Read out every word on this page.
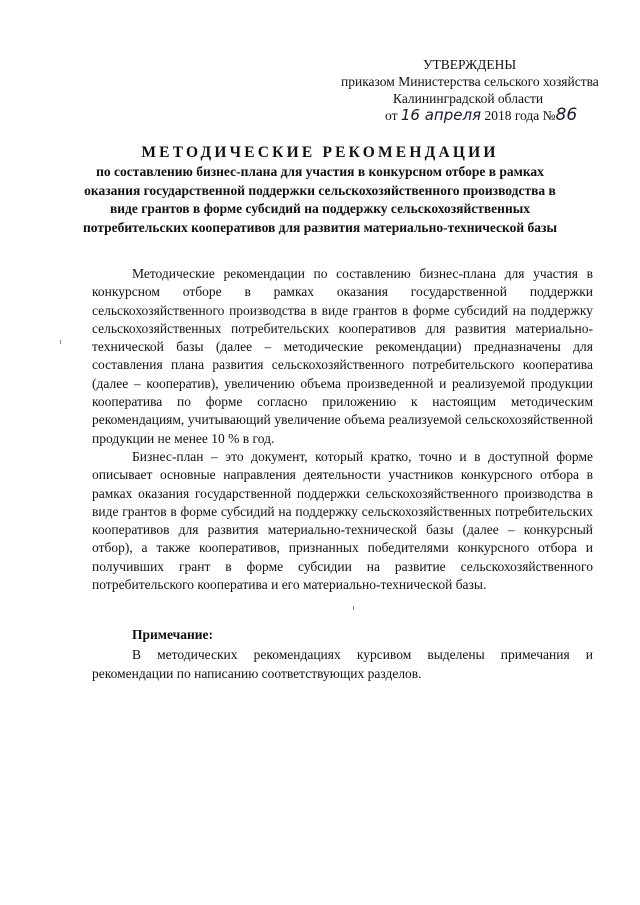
УТВЕРЖДЕНЫ
приказом Министерства сельского хозяйства
Калининградской области
от 16 апреля 2018 года №86
МЕТОДИЧЕСКИЕ РЕКОМЕНДАЦИИ
по составлению бизнес-плана для участия в конкурсном отборе в рамках оказания государственной поддержки сельскохозяйственного производства в виде грантов в форме субсидий на поддержку сельскохозяйственных потребительских кооперативов для развития материально-технической базы

Методические рекомендации по составлению бизнес-плана для участия в конкурсном отборе в рамках оказания государственной поддержки сельскохозяйственного производства в виде грантов в форме субсидий на поддержку сельскохозяйственных потребительских кооперативов для развития материально-технической базы (далее – методические рекомендации) предназначены для составления плана развития сельскохозяйственного потребительского кооператива (далее – кооператив), увеличению объема произведенной и реализуемой продукции кооператива по форме согласно приложению к настоящим методическим рекомендациям, учитывающий увеличение объема реализуемой сельскохозяйственной продукции не менее 10 % в год.

Бизнес-план – это документ, который кратко, точно и в доступной форме описывает основные направления деятельности участников конкурсного отбора в рамках оказания государственной поддержки сельскохозяйственного производства в виде грантов в форме субсидий на поддержку сельскохозяйственных потребительских кооперативов для развития материально-технической базы (далее – конкурсный отбор), а также кооперативов, признанных победителями конкурсного отбора и получивших грант в форме субсидии на развитие сельскохозяйственного потребительского кооператива и его материально-технической базы.

Примечание:

В методических рекомендациях курсивом выделены примечания и рекомендации по написанию соответствующих разделов.
